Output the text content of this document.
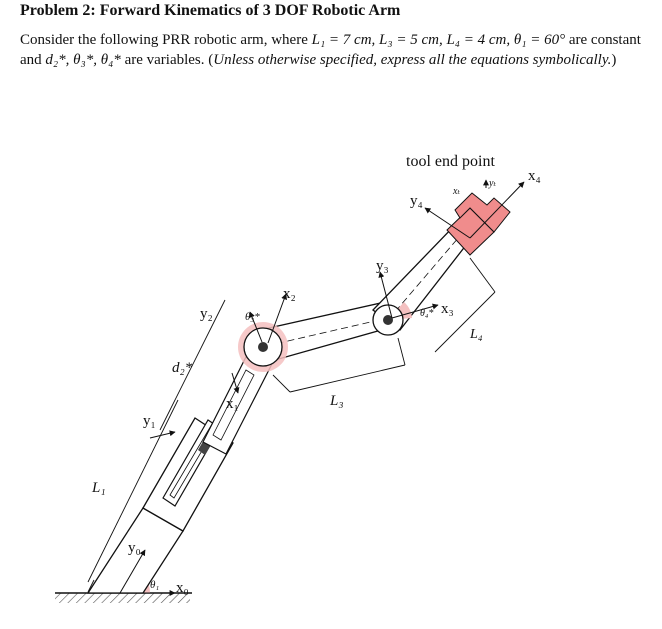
Problem 2: Forward Kinematics of 3 DOF Robotic Arm

Consider the following PRR robotic arm, where L₁ = 7 cm, L₃ = 5 cm, L₄ = 4 cm, θ₁ = 60° are constant and d₂*, θ₃*, θ₄* are variables. (Unless otherwise specified, express all the equations symbolically.)

tool end point
L₁
L₃
L₄
d₂*
θ₁
θ₃*	θ₄*
x₀
y₀
x₁
y₁
x₂
y₂	x₃
y₃
x₄
y₄
xₜ
yₜ
